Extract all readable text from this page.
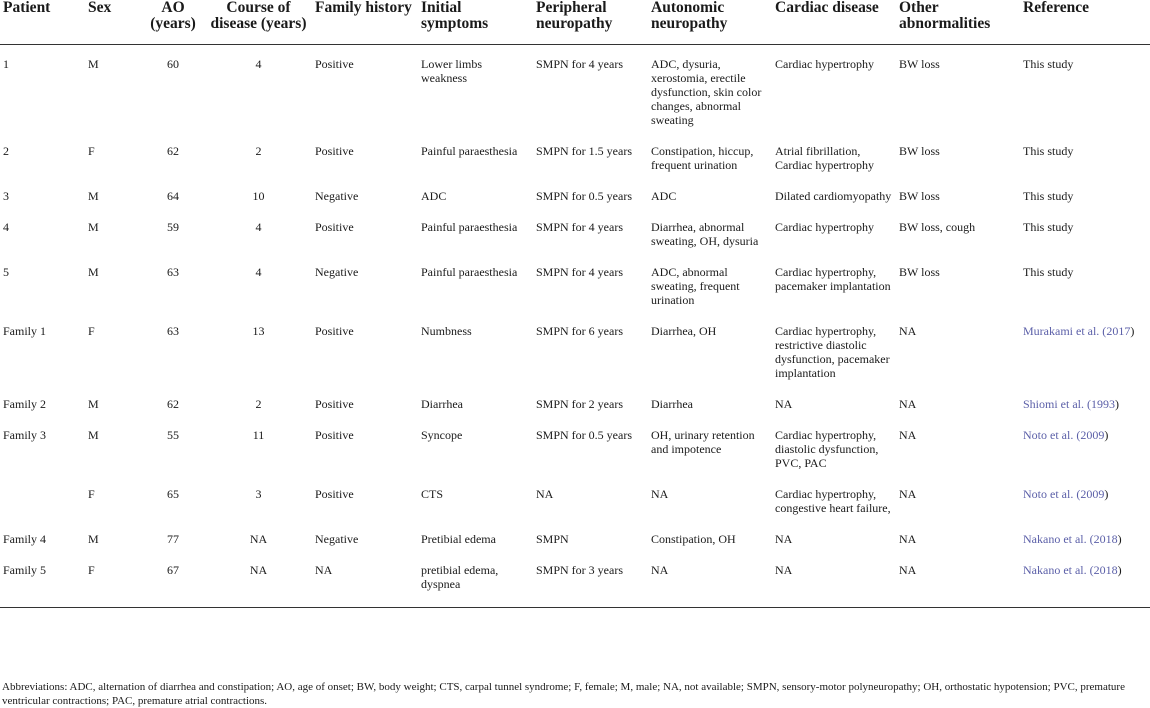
Patient	Sex	AO (years)	Course of disease (years)	Family history	Initial symptoms	Peripheral neuropathy	Autonomic neuropathy	Cardiac disease	Other abnormalities	Reference
1	M	60	4	Positive	Lower limbs weakness	SMPN for 4 years	ADC, dysuria, xerostomia, erectile dysfunction, skin color changes, abnormal sweating	Cardiac hypertrophy	BW loss	This study
2	F	62	2	Positive	Painful paraesthesia	SMPN for 1.5 years	Constipation, hiccup, frequent urination	Atrial fibrillation, Cardiac hypertrophy	BW loss	This study
3	M	64	10	Negative	ADC	SMPN for 0.5 years	ADC	Dilated cardiomyopathy	BW loss	This study
4	M	59	4	Positive	Painful paraesthesia	SMPN for 4 years	Diarrhea, abnormal sweating, OH, dysuria	Cardiac hypertrophy	BW loss, cough	This study
5	M	63	4	Negative	Painful paraesthesia	SMPN for 4 years	ADC, abnormal sweating, frequent urination	Cardiac hypertrophy, pacemaker implantation	BW loss	This study
Family 1	F	63	13	Positive	Numbness	SMPN for 6 years	Diarrhea, OH	Cardiac hypertrophy, restrictive diastolic dysfunction, pacemaker implantation	NA	Murakami et al. (2017)
Family 2	M	62	2	Positive	Diarrhea	SMPN for 2 years	Diarrhea	NA	NA	Shiomi et al. (1993)
Family 3	M	55	11	Positive	Syncope	SMPN for 0.5 years	OH, urinary retention and impotence	Cardiac hypertrophy, diastolic dysfunction, PVC, PAC	NA	Noto et al. (2009)
	F	65	3	Positive	CTS	NA	NA	Cardiac hypertrophy, congestive heart failure,	NA	Noto et al. (2009)
Family 4	M	77	NA	Negative	Pretibial edema	SMPN	Constipation, OH	NA	NA	Nakano et al. (2018)
Family 5	F	67	NA	NA	pretibial edema, dyspnea	SMPN for 3 years	NA	NA	NA	Nakano et al. (2018)
Abbreviations: ADC, alternation of diarrhea and constipation; AO, age of onset; BW, body weight; CTS, carpal tunnel syndrome; F, female; M, male; NA, not available; SMPN, sensory-motor polyneuropathy; OH, orthostatic hypotension; PVC, premature ventricular contractions; PAC, premature atrial contractions.
